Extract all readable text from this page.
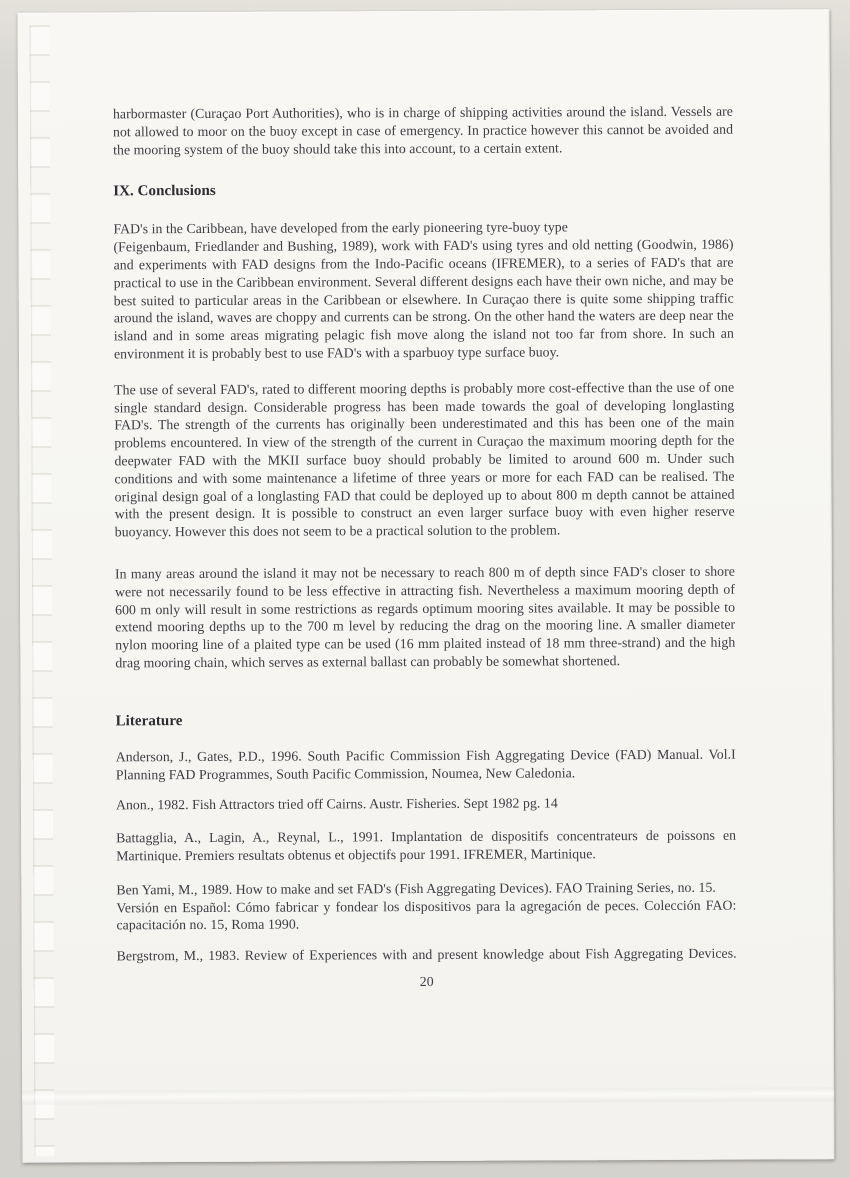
harbormaster (Curaçao Port Authorities), who is in charge of shipping activities around the island. Vessels are not allowed to moor on the buoy except in case of emergency. In practice however this cannot be avoided and the mooring system of the buoy should take this into account, to a certain extent.

IX. Conclusions

FAD's in the Caribbean, have developed from the early pioneering tyre-buoy type
(Feigenbaum, Friedlander and Bushing, 1989), work with FAD's using tyres and old netting (Goodwin, 1986) and experiments with FAD designs from the Indo-Pacific oceans (IFREMER), to a series of FAD's that are practical to use in the Caribbean environment. Several different designs each have their own niche, and may be best suited to particular areas in the Caribbean or elsewhere. In Curaçao there is quite some shipping traffic around the island, waves are choppy and currents can be strong. On the other hand the waters are deep near the island and in some areas migrating pelagic fish move along the island not too far from shore. In such an environment it is probably best to use FAD's with a sparbuoy type surface buoy.

The use of several FAD's, rated to different mooring depths is probably more cost-effective than the use of one single standard design. Considerable progress has been made towards the goal of developing longlasting FAD's. The strength of the currents has originally been underestimated and this has been one of the main problems encountered. In view of the strength of the current in Curaçao the maximum mooring depth for the deepwater FAD with the MKII surface buoy should probably be limited to around 600 m. Under such conditions and with some maintenance a lifetime of three years or more for each FAD can be realised. The original design goal of a longlasting FAD that could be deployed up to about 800 m depth cannot be attained with the present design. It is possible to construct an even larger surface buoy with even higher reserve buoyancy. However this does not seem to be a practical solution to the problem.

In many areas around the island it may not be necessary to reach 800 m of depth since FAD's closer to shore were not necessarily found to be less effective in attracting fish. Nevertheless a maximum mooring depth of 600 m only will result in some restrictions as regards optimum mooring sites available. It may be possible to extend mooring depths up to the 700 m level by reducing the drag on the mooring line. A smaller diameter nylon mooring line of a plaited type can be used (16 mm plaited instead of 18 mm three-strand) and the high drag mooring chain, which serves as external ballast can probably be somewhat shortened.

Literature

Anderson, J., Gates, P.D., 1996. South Pacific Commission Fish Aggregating Device (FAD) Manual. Vol.I Planning FAD Programmes, South Pacific Commission, Noumea, New Caledonia.

Anon., 1982. Fish Attractors tried off Cairns. Austr. Fisheries. Sept 1982 pg. 14

Battagglia, A., Lagin, A., Reynal, L., 1991. Implantation de dispositifs concentrateurs de poissons en Martinique. Premiers resultats obtenus et objectifs pour 1991. IFREMER, Martinique.

Ben Yami, M., 1989. How to make and set FAD's (Fish Aggregating Devices). FAO Training Series, no. 15.
Versión en Español: Cómo fabricar y fondear los dispositivos para la agregación de peces. Colección FAO: capacitación no. 15, Roma 1990.

Bergstrom, M., 1983. Review of Experiences with and present knowledge about Fish Aggregating Devices.

20
